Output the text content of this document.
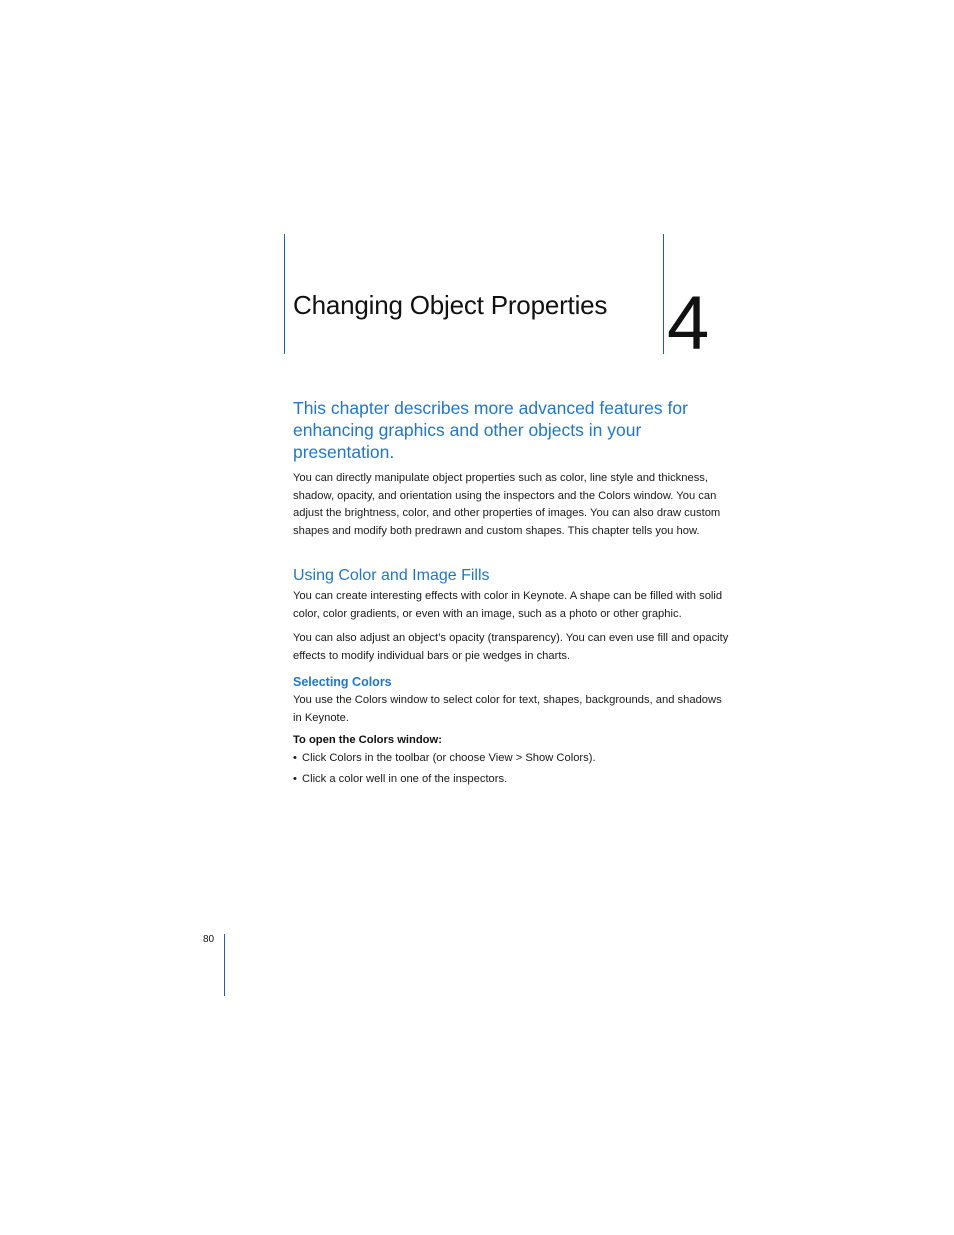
Changing Object Properties 4

This chapter describes more advanced features for enhancing graphics and other objects in your presentation.

You can directly manipulate object properties such as color, line style and thickness, shadow, opacity, and orientation using the inspectors and the Colors window. You can adjust the brightness, color, and other properties of images. You can also draw custom shapes and modify both predrawn and custom shapes. This chapter tells you how.

Using Color and Image Fills

You can create interesting effects with color in Keynote. A shape can be filled with solid color, color gradients, or even with an image, such as a photo or other graphic.

You can also adjust an object’s opacity (transparency). You can even use fill and opacity effects to modify individual bars or pie wedges in charts.

Selecting Colors

You use the Colors window to select color for text, shapes, backgrounds, and shadows in Keynote.

To open the Colors window:

• Click Colors in the toolbar (or choose View > Show Colors).
• Click a color well in one of the inspectors.
80
